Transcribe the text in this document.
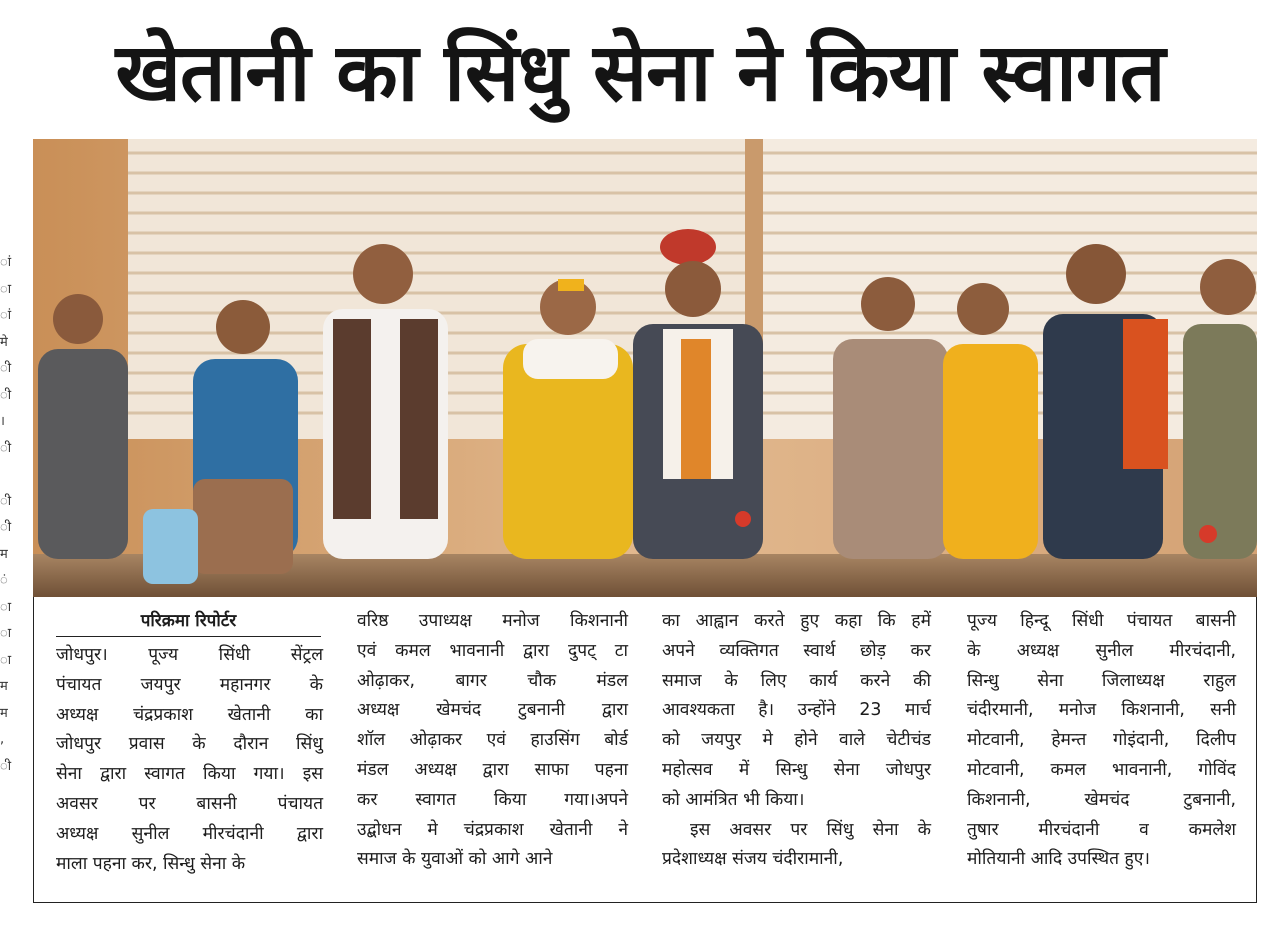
खेतानी का सिंधु सेना ने किया स्वागत
ां
ा
ां
मे
ी
ी
।
ी
ी
ी
म
ं
ा
ा
ा
म
म
,
ी
परिक्रमा रिपोर्टर
जोधपुर। पूज्य सिंधी सेंट्रल
पंचायत जयपुर महानगर के
अध्यक्ष चंद्रप्रकाश खेतानी का
जोधपुर प्रवास के दौरान सिंधु
सेना द्वारा स्वागत किया गया। इस
अवसर पर बासनी पंचायत
अध्यक्ष सुनील मीरचंदानी द्वारा
माला पहना कर, सिन्धु सेना के
वरिष्ठ उपाध्यक्ष मनोज किशनानी
एवं कमल भावनानी द्वारा दुपट् टा
ओढ़ाकर, बागर चौक मंडल
अध्यक्ष खेमचंद टुबनानी द्वारा
शॉल ओढ़ाकर एवं हाउसिंग बोर्ड
मंडल अध्यक्ष द्वारा साफा पहना
कर स्वागत किया गया।अपने
उद्बोधन मे चंद्रप्रकाश खेतानी ने
समाज के युवाओं को आगे आने
का आह्वान करते हुए कहा कि हमें
अपने व्यक्तिगत स्वार्थ छोड़ कर
समाज के लिए कार्य करने की
आवश्यकता है। उन्होंने 23 मार्च
को जयपुर मे होने वाले चेटीचंड
महोत्सव में सिन्धु सेना जोधपुर
को आमंत्रित भी किया।
इस अवसर पर सिंधु सेना के
प्रदेशाध्यक्ष संजय चंदीरामानी,
पूज्य हिन्दू सिंधी पंचायत बासनी
के अध्यक्ष सुनील मीरचंदानी,
सिन्धु सेना जिलाध्यक्ष राहुल
चंदीरमानी, मनोज किशनानी, सनी
मोटवानी, हेमन्त गोइंदानी, दिलीप
मोटवानी, कमल भावनानी, गोविंद
किशनानी, खेमचंद टुबनानी,
तुषार मीरचंदानी व कमलेश
मोतियानी आदि उपस्थित हुए।
